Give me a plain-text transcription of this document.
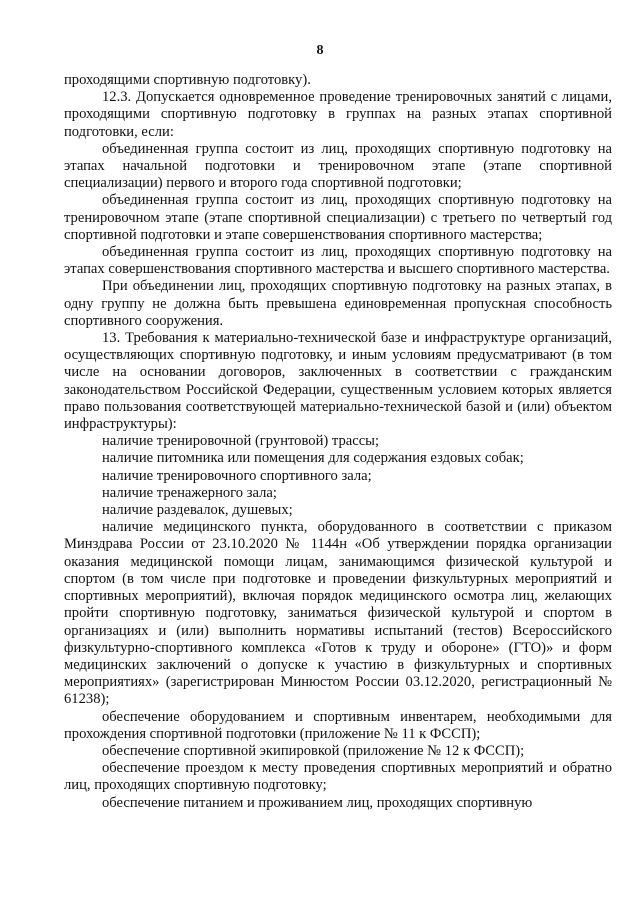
8

проходящими спортивную подготовку).

12.3. Допускается одновременное проведение тренировочных занятий с лицами, проходящими спортивную подготовку в группах на разных этапах спортивной подготовки, если:

объединенная группа состоит из лиц, проходящих спортивную подготовку на этапах начальной подготовки и тренировочном этапе (этапе спортивной специализации) первого и второго года спортивной подготовки;

объединенная группа состоит из лиц, проходящих спортивную подготовку на тренировочном этапе (этапе спортивной специализации) с третьего по четвертый год спортивной подготовки и этапе совершенствования спортивного мастерства;

объединенная группа состоит из лиц, проходящих спортивную подготовку на этапах совершенствования спортивного мастерства и высшего спортивного мастерства.

При объединении лиц, проходящих спортивную подготовку на разных этапах, в одну группу не должна быть превышена единовременная пропускная способность спортивного сооружения.

13. Требования к материально-технической базе и инфраструктуре организаций, осуществляющих спортивную подготовку, и иным условиям предусматривают (в том числе на основании договоров, заключенных в соответствии с гражданским законодательством Российской Федерации, существенным условием которых является право пользования соответствующей материально-технической базой и (или) объектом инфраструктуры):

наличие тренировочной (грунтовой) трассы;

наличие питомника или помещения для содержания ездовых собак;

наличие тренировочного спортивного зала;

наличие тренажерного зала;

наличие раздевалок, душевых;

наличие медицинского пункта, оборудованного в соответствии с приказом Минздрава России от 23.10.2020 № 1144н «Об утверждении порядка организации оказания медицинской помощи лицам, занимающимся физической культурой и спортом (в том числе при подготовке и проведении физкультурных мероприятий и спортивных мероприятий), включая порядок медицинского осмотра лиц, желающих пройти спортивную подготовку, заниматься физической культурой и спортом в организациях и (или) выполнить нормативы испытаний (тестов) Всероссийского физкультурно-спортивного комплекса «Готов к труду и обороне» (ГТО)» и форм медицинских заключений о допуске к участию в физкультурных и спортивных мероприятиях» (зарегистрирован Минюстом России 03.12.2020, регистрационный № 61238);

обеспечение оборудованием и спортивным инвентарем, необходимыми для прохождения спортивной подготовки (приложение № 11 к ФССП);

обеспечение спортивной экипировкой (приложение № 12 к ФССП);

обеспечение проездом к месту проведения спортивных мероприятий и обратно лиц, проходящих спортивную подготовку;

обеспечение питанием и проживанием лиц, проходящих спортивную
